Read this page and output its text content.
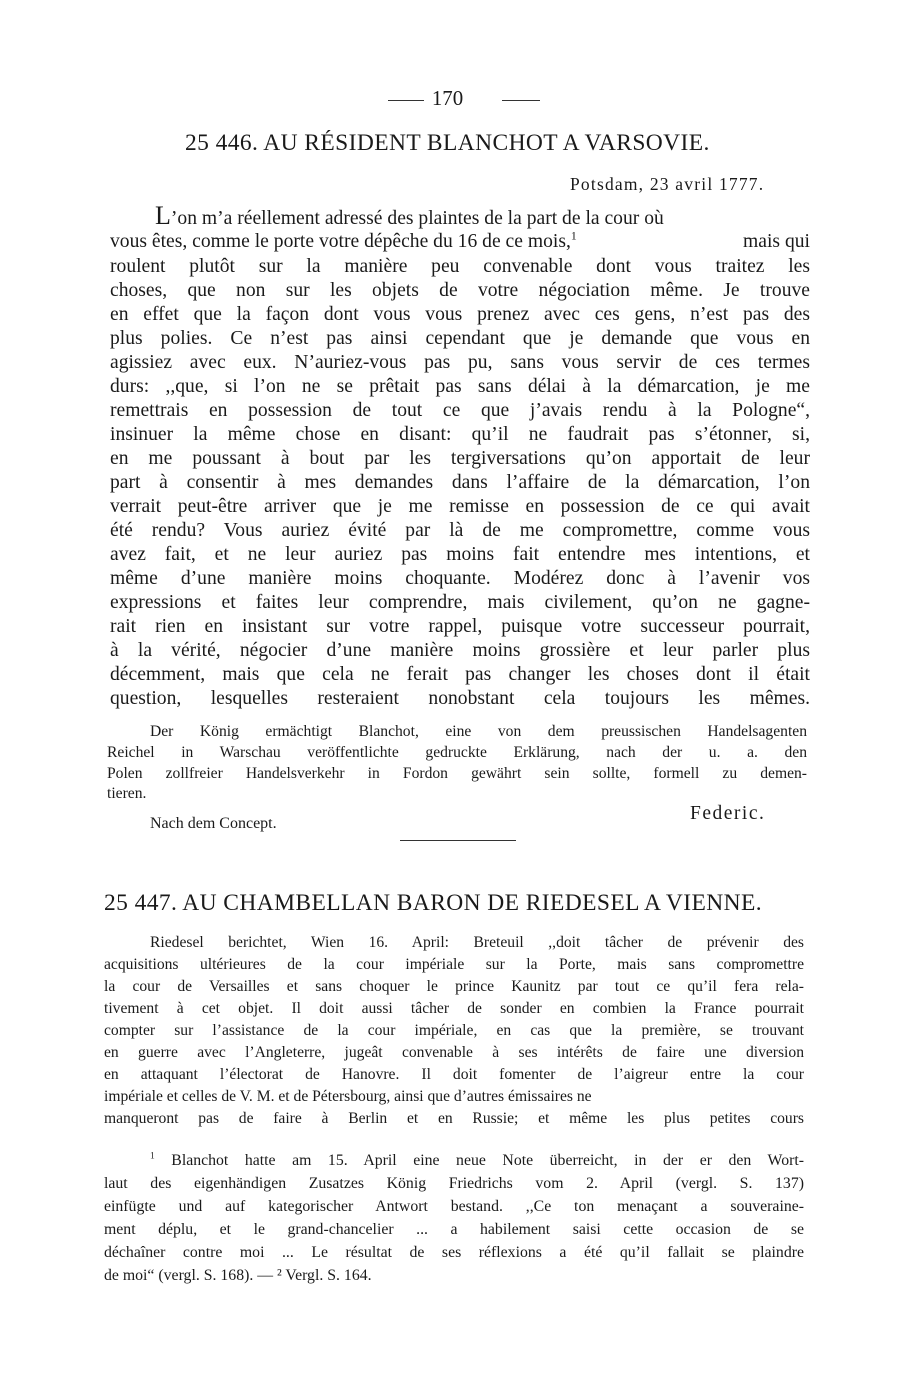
170
25 446. AU RÉSIDENT BLANCHOT A VARSOVIE.
Potsdam, 23 avril 1777.
L’on m’a réellement adressé des plaintes de la part de la cour où
vous êtes, comme le porte votre dépêche du 16 de ce mois,$^1$	mais qui
roulent plutôt sur la manière peu convenable dont vous traitez les
choses, que non sur les objets de votre négociation même. Je trouve
en effet que la façon dont vous vous prenez avec ces gens, n’est pas des
plus polies. Ce n’est pas ainsi cependant que je demande que vous en
agissiez avec eux. N’auriez-vous pas pu, sans vous servir de ces termes
durs: ,,que, si l’on ne se prêtait pas sans délai à la démarcation, je me
remettrais en possession de tout ce que j’avais rendu à la Pologne“,
insinuer la même chose en disant: qu’il ne faudrait pas s’étonner, si,
en me poussant à bout par les tergiversations qu’on apportait de leur
part à consentir à mes demandes dans l’affaire de la démarcation, l’on
verrait peut-être arriver que je me remisse en possession de ce qui avait
été rendu? Vous auriez évité par là de me compromettre, comme vous
avez fait, et ne leur auriez pas moins fait entendre mes intentions, et
même d’une manière moins choquante. Modérez donc à l’avenir vos
expressions et faites leur comprendre, mais civilement, qu’on ne gagne-
rait rien en insistant sur votre rappel, puisque votre successeur pourrait,
à la vérité, négocier d’une manière moins grossière et leur parler plus
décemment, mais que cela ne ferait pas changer les choses dont il était
question, lesquelles resteraient nonobstant cela toujours les mêmes.
Der König ermächtigt Blanchot, eine von dem preussischen Handelsagenten
Reichel in Warschau veröffentlichte gedruckte Erklärung, nach der u. a. den
Polen zollfreier Handelsverkehr in Fordon gewährt sein sollte, formell zu demen-
tieren.
Federic.
Nach dem Concept.
25 447. AU CHAMBELLAN BARON DE RIEDESEL A VIENNE.
Riedesel berichtet, Wien 16. April: Breteuil ,,doit tâcher de prévenir des
acquisitions ultérieures de la cour impériale sur la Porte, mais sans compromettre
la cour de Versailles et sans choquer le prince Kaunitz par tout ce qu’il fera rela-
tivement à cet objet. Il doit aussi tâcher de sonder en combien la France pourrait
compter sur l’assistance de la cour impériale, en cas que la première, se trouvant
en guerre avec l’Angleterre, jugeât convenable à ses intérêts de faire une diversion
en attaquant l’électorat de Hanovre. Il doit fomenter de l’aigreur entre la cour
impériale et celles de V. M. et de Pétersbourg, ainsi que d’autres émissaires ne
manqueront pas de faire à Berlin et en Russie; et même les plus petites cours
$^1$ Blanchot hatte am 15. April eine neue Note überreicht, in der er den Wort-
laut des eigenhändigen Zusatzes König Friedrichs vom 2. April (vergl. S. 137)
einfügte und auf kategorischer Antwort bestand. ,,Ce ton menaçant a souveraine-
ment déplu, et le grand-chancelier ... a habilement saisi cette occasion de se
déchaîner contre moi ... Le résultat de ses réflexions a été qu’il fallait se plaindre
de moi“ (vergl. S. 168). — ² Vergl. S. 164.
